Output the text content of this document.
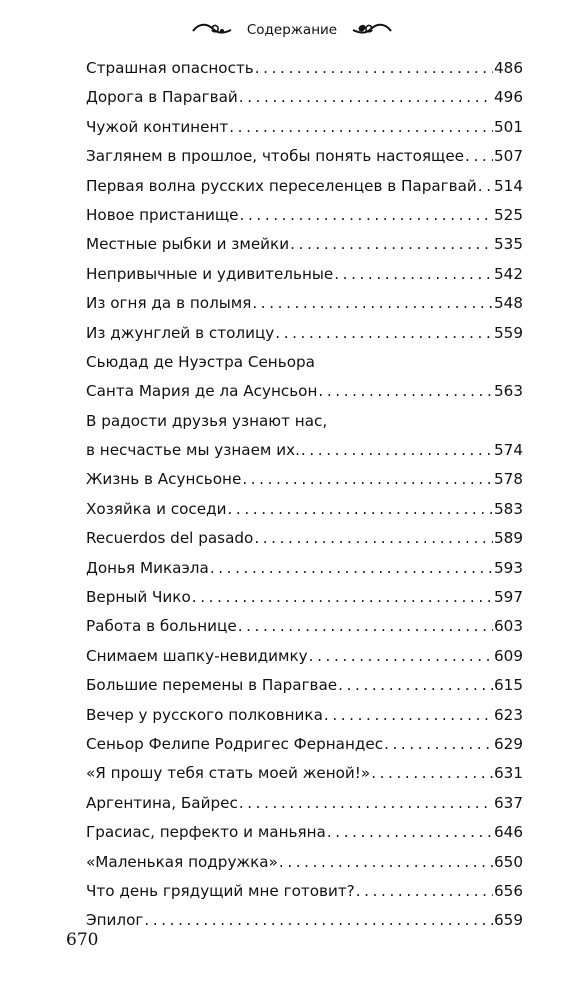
Содержание
Страшная опасность .....	486
Дорога в Парагвай .....	496
Чужой континент .....	501
Заглянем в прошлое, чтобы понять настоящее ..... 507
Первая волна русских переселенцев в Парагвай ..... 514
Новое пристанище .....	525
Местные рыбки и змейки .....	535
Непривычные и удивительные .....	542
Из огня да в полымя .....	548
Из джунглей в столицу .....	559
Сьюдад де Нуэстра Сеньора
Санта Мария де ла Асунсьон .....	563
В радости друзья узнают нас,
в несчастье мы узнаем их. .....	574
Жизнь в Асунсьоне .....	578
Хозяйка и соседи .....	583
Recuerdos del pasado .....	589
Донья Микаэла .....	593
Верный Чико .....	597
Работа в больнице .....	603
Снимаем шапку-невидимку .....	609
Большие перемены в Парагвае .....	615
Вечер у русского полковника .....	623
Сеньор Фелипе Родригес Фернандес .....	629
«Я прошу тебя стать моей женой!» .....	631
Аргентина, Байрес .....	637
Грасиас, перфекто и маньяна .....	646
«Маленькая подружка» .....	650
Что день грядущий мне готовит? .....	656
Эпилог .....	659
670
